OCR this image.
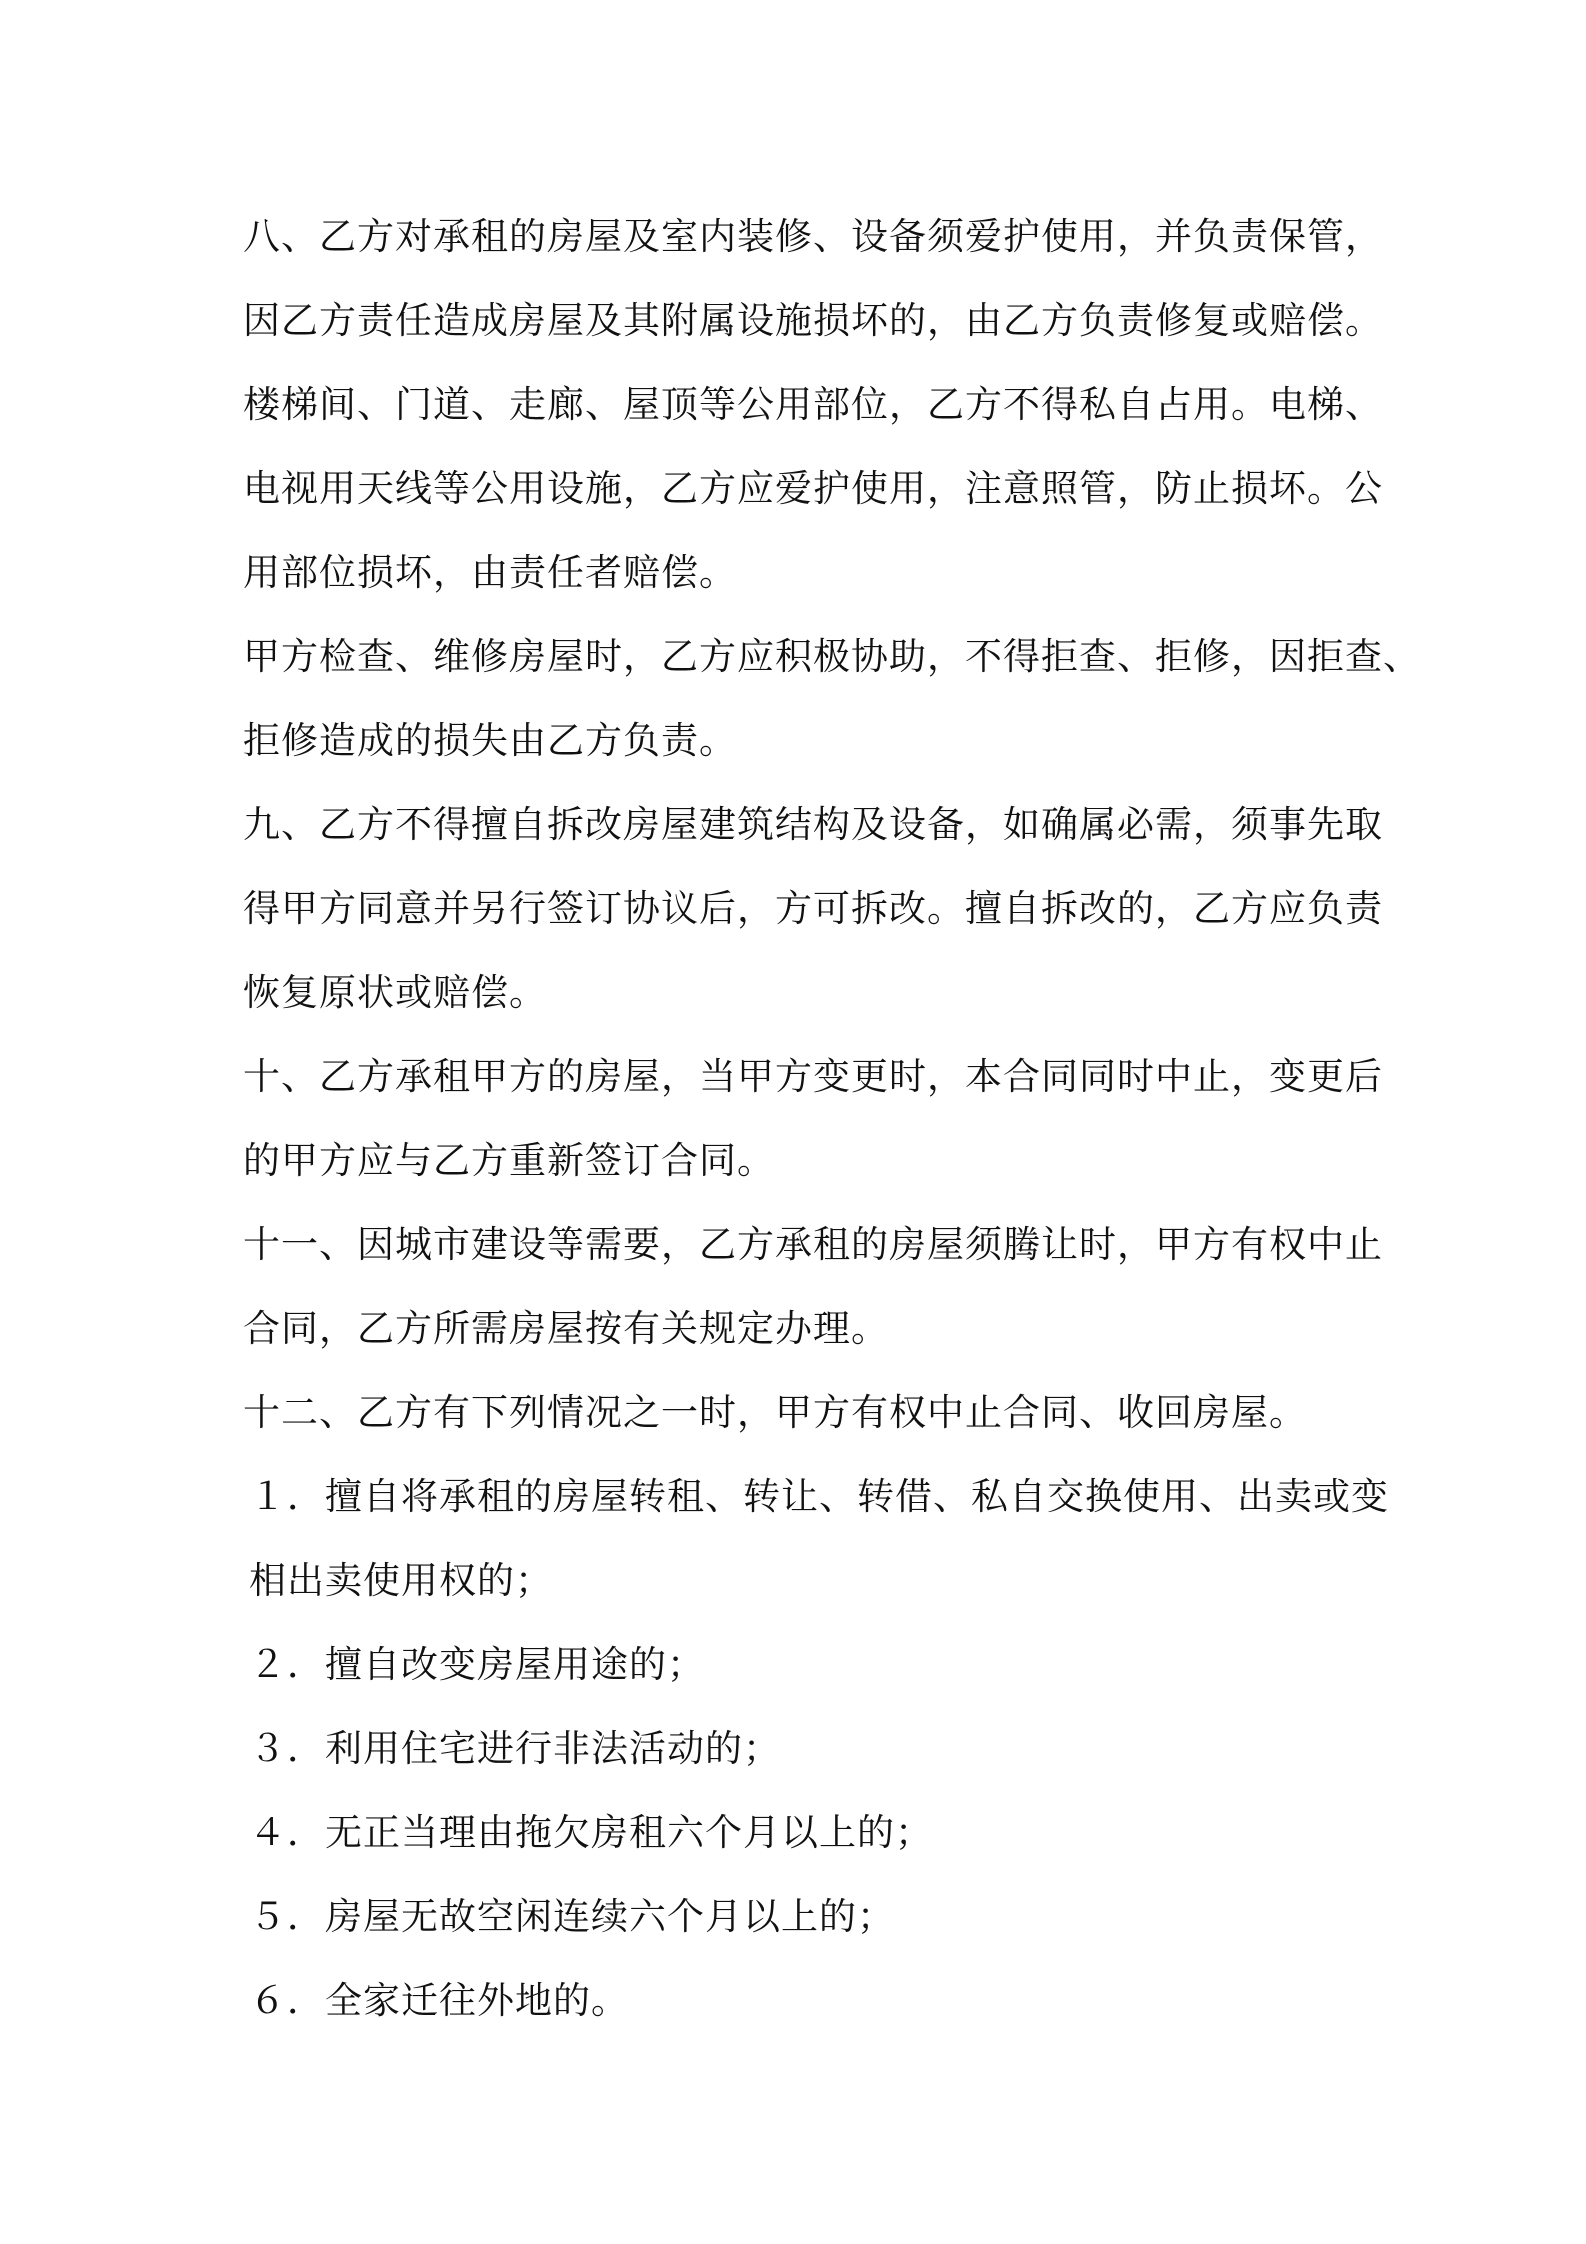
八、乙方对承租的房屋及室内装修、设备须爱护使用，并负责保管，
因乙方责任造成房屋及其附属设施损坏的，由乙方负责修复或赔偿。
楼梯间、门道、走廊、屋顶等公用部位，乙方不得私自占用。电梯、
电视用天线等公用设施，乙方应爱护使用，注意照管，防止损坏。公
用部位损坏，由责任者赔偿。
甲方检查、维修房屋时，乙方应积极协助，不得拒查、拒修，因拒查、
拒修造成的损失由乙方负责。
九、乙方不得擅自拆改房屋建筑结构及设备，如确属必需，须事先取
得甲方同意并另行签订协议后，方可拆改。擅自拆改的，乙方应负责
恢复原状或赔偿。
十、乙方承租甲方的房屋，当甲方变更时，本合同同时中止，变更后
的甲方应与乙方重新签订合同。
十一、因城市建设等需要，乙方承租的房屋须腾让时，甲方有权中止
合同，乙方所需房屋按有关规定办理。
十二、乙方有下列情况之一时，甲方有权中止合同、收回房屋。
１．擅自将承租的房屋转租、转让、转借、私自交换使用、出卖或变
相出卖使用权的；
２．擅自改变房屋用途的；
３．利用住宅进行非法活动的；
４．无正当理由拖欠房租六个月以上的；
５．房屋无故空闲连续六个月以上的；
６．全家迁往外地的。
